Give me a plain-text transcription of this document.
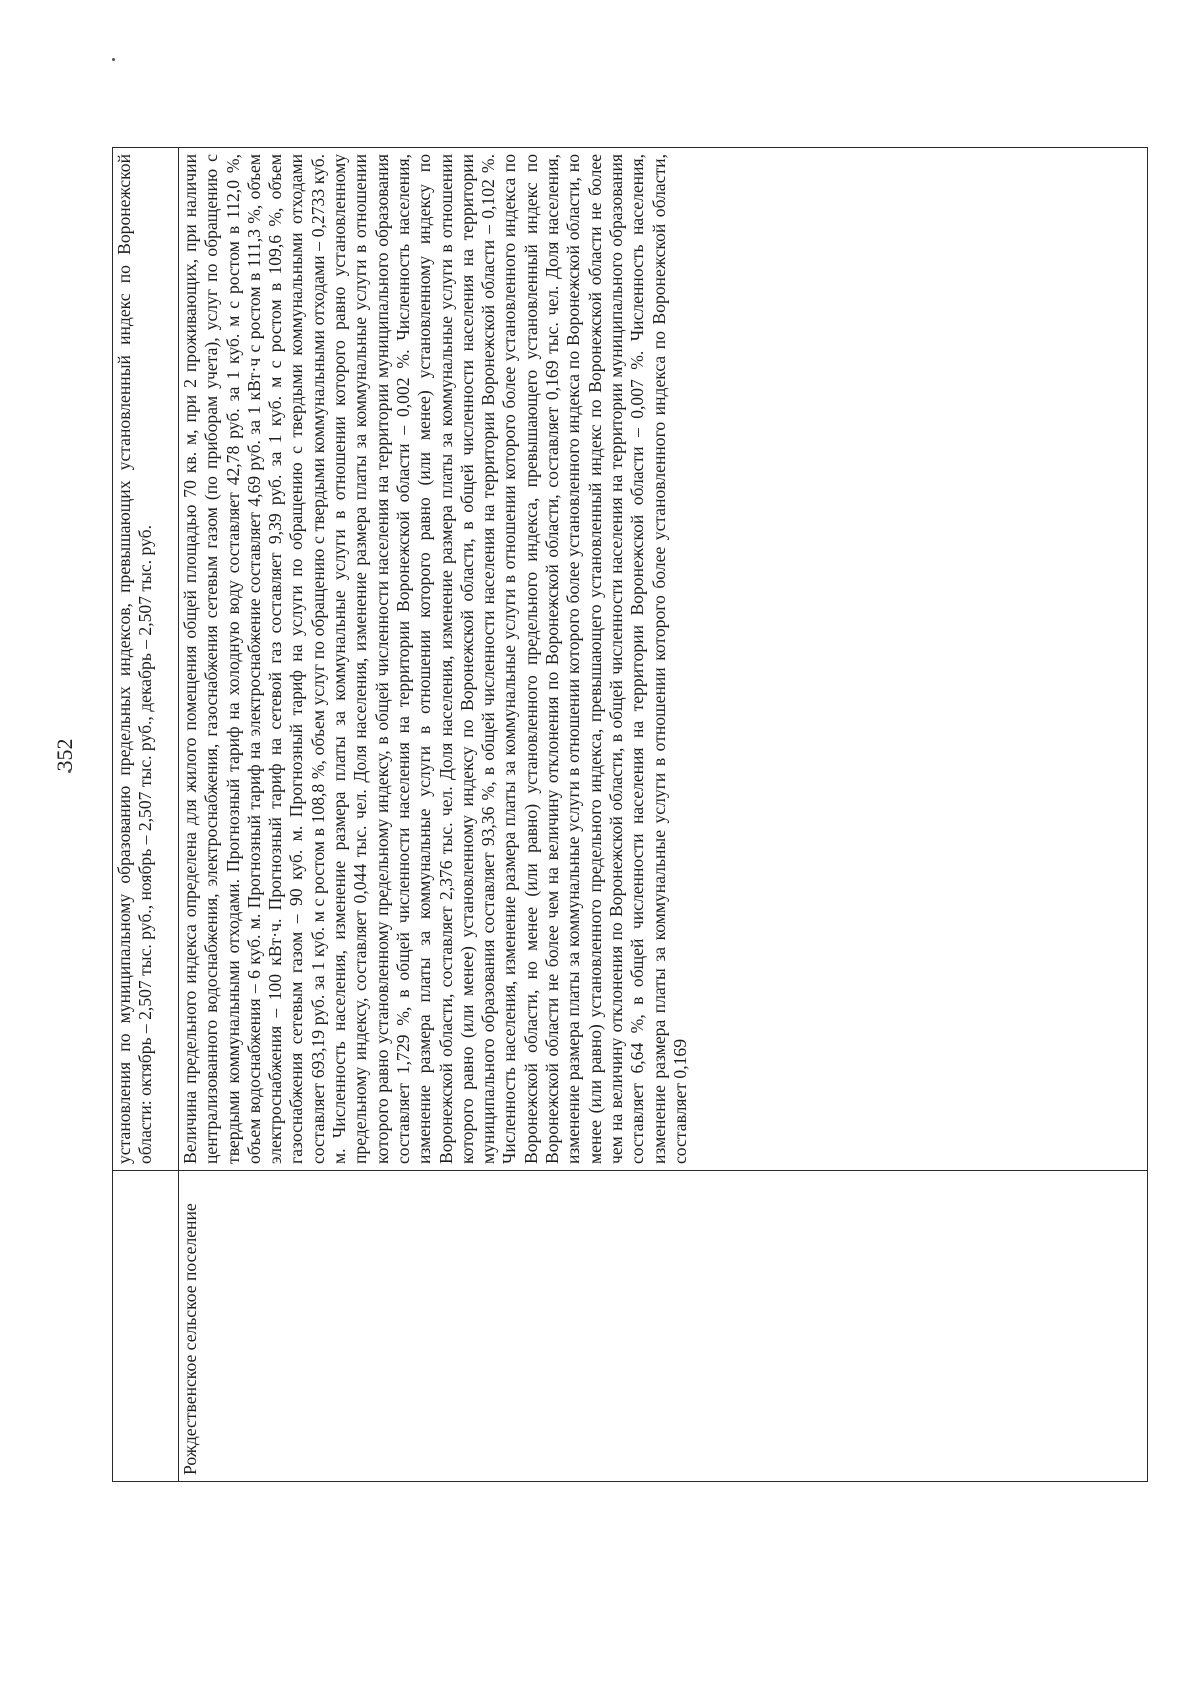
352
	установления по муниципальному образованию предельных индексов, превышающих установленный индекс по Воронежской области: октябрь – 2,507 тыс. руб., ноябрь – 2,507 тыс. руб., декабрь – 2,507 тыс. руб.
Рождественское сельское поселение	Величина предельного индекса определена для жилого помещения общей площадью 70 кв. м, при 2 проживающих, при наличии централизованного водоснабжения, электроснабжения, газоснабжения сетевым газом (по приборам учета), услуг по обращению с твердыми коммунальными отходами. Прогнозный тариф на холодную воду составляет 42,78 руб. за 1 куб. м с ростом в 112,0 %, объем водоснабжения – 6 куб. м. Прогнозный тариф на электроснабжение составляет 4,69 руб. за 1 кВт·ч с ростом в 111,3 %, объем электроснабжения – 100 кВт·ч. Прогнозный тариф на сетевой газ составляет 9,39 руб. за 1 куб. м с ростом в 109,6 %, объем газоснабжения сетевым газом – 90 куб. м. Прогнозный тариф на услуги по обращению с твердыми коммунальными отходами составляет 693,19 руб. за 1 куб. м с ростом в 108,8 %, объем услуг по обращению с твердыми коммунальными отходами – 0,2733 куб. м. Численность населения, изменение размера платы за коммунальные услуги в отношении которого равно установленному предельному индексу, составляет 0,044 тыс. чел. Доля населения, изменение размера платы за коммунальные услуги в отношении которого равно установленному предельному индексу, в общей численности населения на территории муниципального образования составляет 1,729 %, в общей численности населения на территории Воронежской области – 0,002 %. Численность населения, изменение размера платы за коммунальные услуги в отношении которого равно (или менее) установленному индексу по Воронежской области, составляет 2,376 тыс. чел. Доля населения, изменение размера платы за коммунальные услуги в отношении которого равно (или менее) установленному индексу по Воронежской области, в общей численности населения на территории муниципального образования составляет 93,36 %, в общей численности населения на территории Воронежской области – 0,102 %. Численность населения, изменение размера платы за коммунальные услуги в отношении которого более установленного индекса по Воронежской области, но менее (или равно) установленного предельного индекса, превышающего установленный индекс по Воронежской области не более чем на величину отклонения по Воронежской области, составляет 0,169 тыс. чел. Доля населения, изменение размера платы за коммунальные услуги в отношении которого более установленного индекса по Воронежской области, но менее (или равно) установленного предельного индекса, превышающего установленный индекс по Воронежской области не более чем на величину отклонения по Воронежской области, в общей численности населения на территории муниципального образования составляет 6,64 %, в общей численности населения на территории Воронежской области – 0,007 %. Численность населения, изменение размера платы за коммунальные услуги в отношении которого более установленного индекса по Воронежской области, составляет 0,169
